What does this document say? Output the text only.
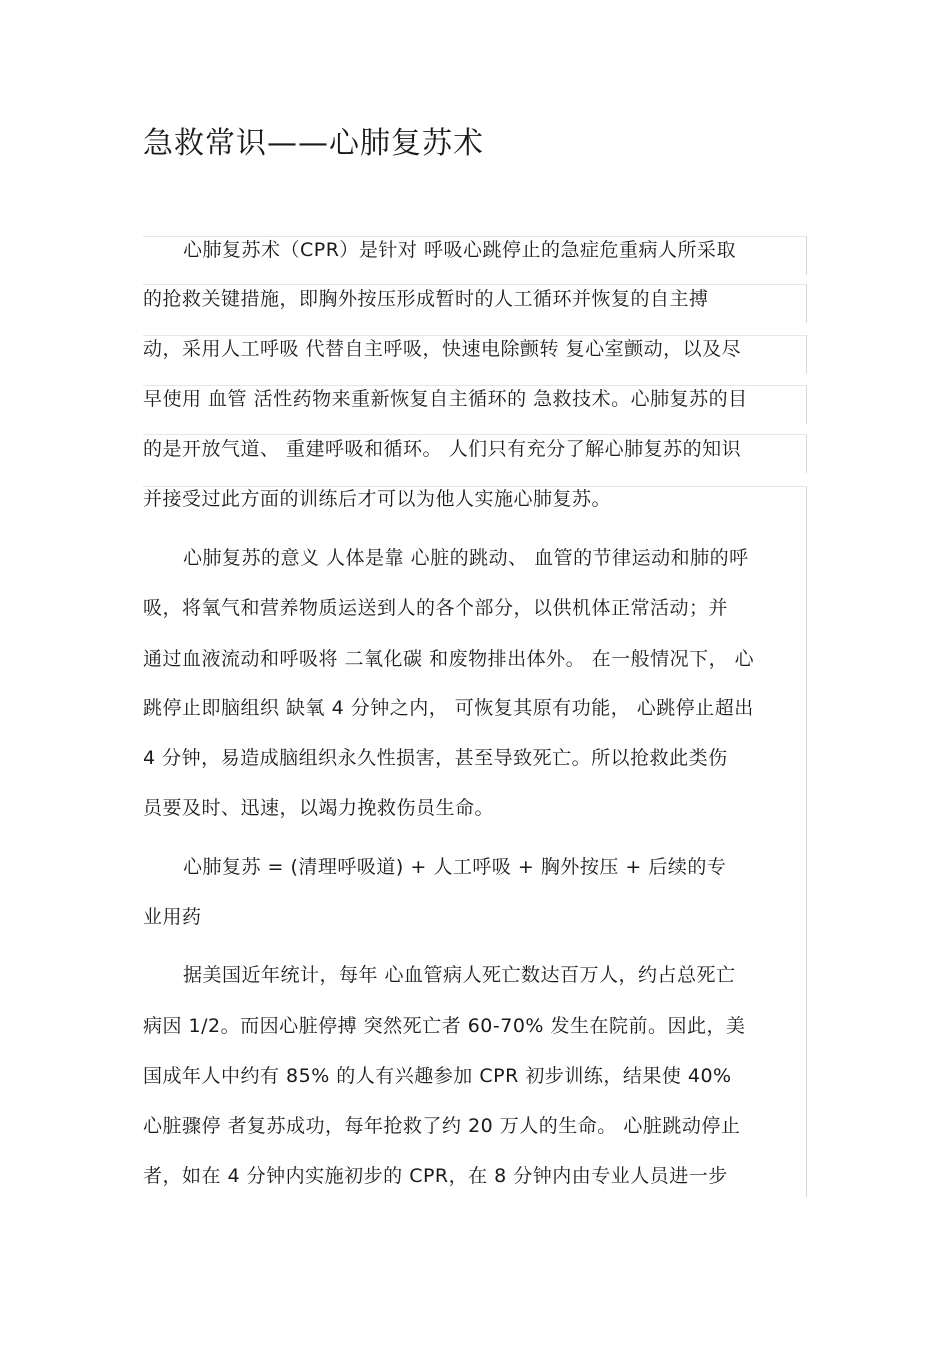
急救常识——心肺复苏术
心肺复苏术（CPR）是针对 呼吸心跳停止的急症危重病人所采取
的抢救关键措施，即胸外按压形成暂时的人工循环并恢复的自主搏
动，采用人工呼吸 代替自主呼吸，快速电除颤转 复心室颤动，以及尽
早使用 血管 活性药物来重新恢复自主循环的 急救技术。心肺复苏的目
的是开放气道、 重建呼吸和循环。 人们只有充分了解心肺复苏的知识
并接受过此方面的训练后才可以为他人实施心肺复苏。
心肺复苏的意义 人体是靠 心脏的跳动、 血管的节律运动和肺的呼
吸，将氧气和营养物质运送到人的各个部分，以供机体正常活动；并
通过血液流动和呼吸将 二氧化碳 和废物排出体外。 在一般情况下， 心
跳停止即脑组织 缺氧 4 分钟之内， 可恢复其原有功能， 心跳停止超出
4 分钟，易造成脑组织永久性损害，甚至导致死亡。所以抢救此类伤
员要及时、迅速，以竭力挽救伤员生命。
心肺复苏 = (清理呼吸道) + 人工呼吸 + 胸外按压 + 后续的专
业用药
据美国近年统计，每年 心血管病人死亡数达百万人，约占总死亡
病因 1/2。而因心脏停搏 突然死亡者 60-70% 发生在院前。因此，美
国成年人中约有 85% 的人有兴趣参加 CPR 初步训练，结果使 40%
心脏骤停 者复苏成功，每年抢救了约 20 万人的生命。 心脏跳动停止
者，如在 4 分钟内实施初步的 CPR，在 8 分钟内由专业人员进一步
